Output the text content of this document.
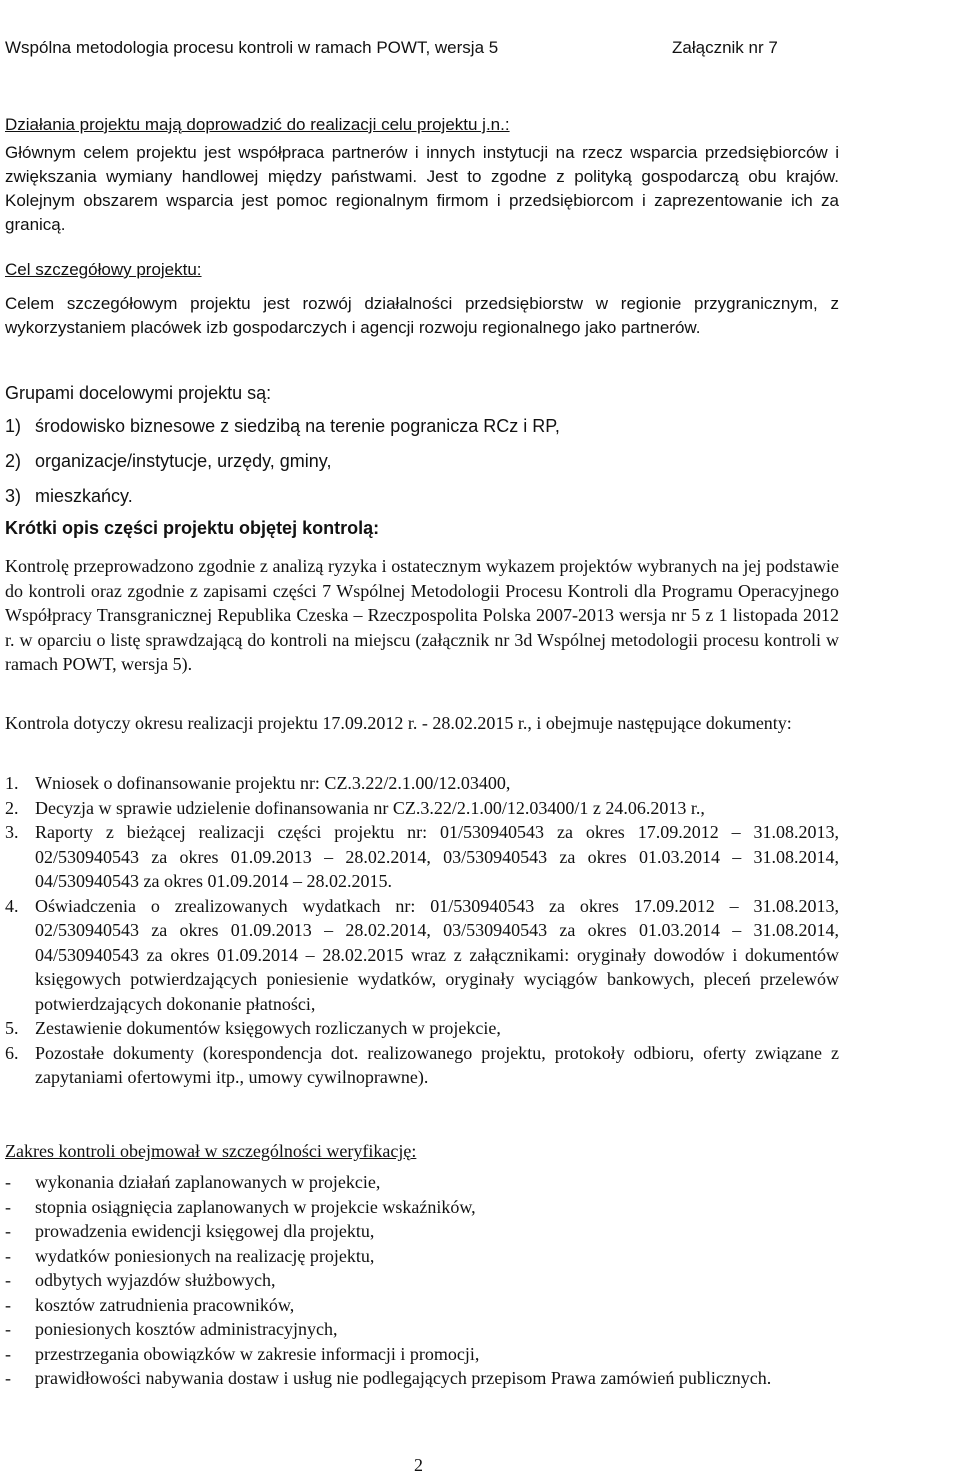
Wspólna metodologia procesu kontroli w ramach POWT, wersja 5	Załącznik nr 7

Działania projektu mają doprowadzić do realizacji celu projektu j.n.:

Głównym celem projektu jest współpraca partnerów i innych instytucji na rzecz wsparcia przedsiębiorców i zwiększania wymiany handlowej między państwami. Jest to zgodne z polityką gospodarczą obu krajów. Kolejnym obszarem wsparcia jest pomoc regionalnym firmom i przedsiębiorcom i zaprezentowanie ich za granicą.

Cel szczegółowy projektu:

Celem szczegółowym projektu jest rozwój działalności przedsiębiorstw w regionie przygranicznym, z wykorzystaniem placówek izb gospodarczych i agencji rozwoju regionalnego jako partnerów.

Grupami docelowymi projektu są:

1) środowisko biznesowe z siedzibą na terenie pogranicza RCz i RP,

2) organizacje/instytucje, urzędy, gminy,

3) mieszkańcy.

Krótki opis części projektu objętej kontrolą:

Kontrolę przeprowadzono zgodnie z analizą ryzyka i ostatecznym wykazem projektów wybranych na jej podstawie do kontroli oraz zgodnie z zapisami części 7 Wspólnej Metodologii Procesu Kontroli dla Programu Operacyjnego Współpracy Transgranicznej Republika Czeska – Rzeczpospolita Polska 2007-2013 wersja nr 5 z 1 listopada 2012 r. w oparciu o listę sprawdzającą do kontroli na miejscu (załącznik nr 3d Wspólnej metodologii procesu kontroli w ramach POWT, wersja 5).

Kontrola dotyczy okresu realizacji projektu 17.09.2012 r. - 28.02.2015 r., i obejmuje następujące dokumenty:

1. Wniosek o dofinansowanie projektu nr: CZ.3.22/2.1.00/12.03400,
2. Decyzja w sprawie udzielenie dofinansowania nr CZ.3.22/2.1.00/12.03400/1 z 24.06.2013 r.,
3. Raporty z bieżącej realizacji części projektu nr: 01/530940543 za okres 17.09.2012 – 31.08.2013, 02/530940543 za okres 01.09.2013 – 28.02.2014, 03/530940543 za okres 01.03.2014 – 31.08.2014, 04/530940543 za okres 01.09.2014 – 28.02.2015.
4. Oświadczenia o zrealizowanych wydatkach nr: 01/530940543 za okres 17.09.2012 – 31.08.2013, 02/530940543 za okres 01.09.2013 – 28.02.2014, 03/530940543 za okres 01.03.2014 – 31.08.2014, 04/530940543 za okres 01.09.2014 – 28.02.2015 wraz z załącznikami: oryginały dowodów i dokumentów księgowych potwierdzających poniesienie wydatków, oryginały wyciągów bankowych, pleceń przelewów potwierdzających dokonanie płatności,
5. Zestawienie dokumentów księgowych rozliczanych w projekcie,
6. Pozostałe dokumenty (korespondencja dot. realizowanego projektu, protokoły odbioru, oferty związane z zapytaniami ofertowymi itp., umowy cywilnoprawne).

Zakres kontroli obejmował w szczególności weryfikację:

-	wykonania działań zaplanowanych w projekcie,
-	stopnia osiągnięcia zaplanowanych w projekcie wskaźników,
-	prowadzenia ewidencji księgowej dla projektu,
-	wydatków poniesionych na realizację projektu,
-	odbytych wyjazdów służbowych,
-	kosztów zatrudnienia pracowników,
-	poniesionych kosztów administracyjnych,
-	przestrzegania obowiązków w zakresie informacji i promocji,
-	prawidłowości nabywania dostaw i usług nie podlegających przepisom Prawa zamówień publicznych.
2
